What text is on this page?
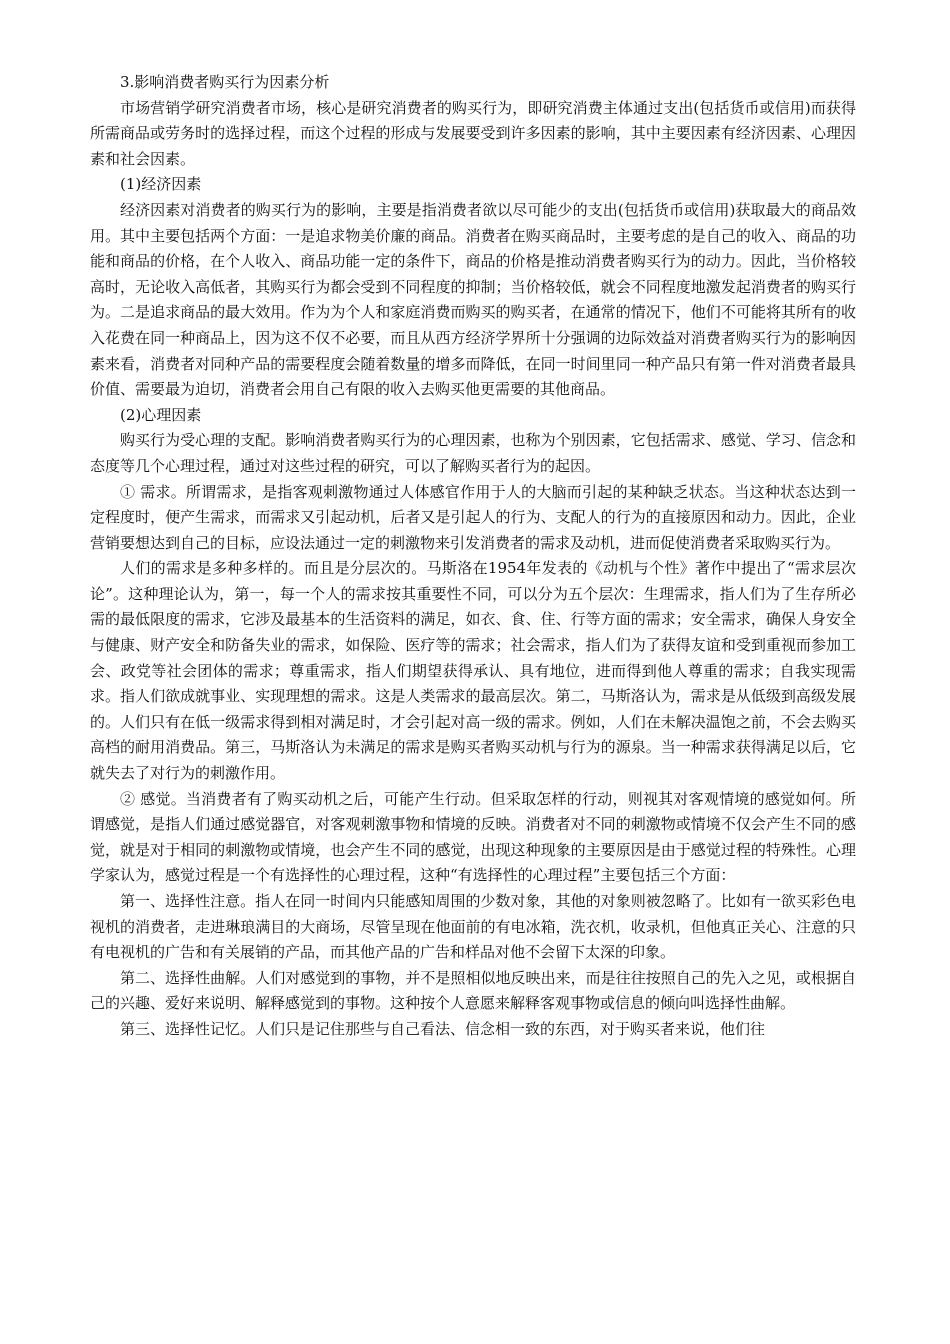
3.影响消费者购买行为因素分析

市场营销学研究消费者市场，核心是研究消费者的购买行为，即研究消费主体通过支出(包括货币或信用)而获得所需商品或劳务时的选择过程，而这个过程的形成与发展要受到许多因素的影响，其中主要因素有经济因素、心理因素和社会因素。

(1)经济因素

经济因素对消费者的购买行为的影响，主要是指消费者欲以尽可能少的支出(包括货币或信用)获取最大的商品效用。其中主要包括两个方面：一是追求物美价廉的商品。消费者在购买商品时，主要考虑的是自己的收入、商品的功能和商品的价格，在个人收入、商品功能一定的条件下，商品的价格是推动消费者购买行为的动力。因此，当价格较高时，无论收入高低者，其购买行为都会受到不同程度的抑制；当价格较低，就会不同程度地激发起消费者的购买行为。二是追求商品的最大效用。作为为个人和家庭消费而购买的购买者，在通常的情况下，他们不可能将其所有的收入花费在同一种商品上，因为这不仅不必要，而且从西方经济学界所十分强调的边际效益对消费者购买行为的影响因素来看，消费者对同种产品的需要程度会随着数量的增多而降低，在同一时间里同一种产品只有第一件对消费者最具价值、需要最为迫切，消费者会用自己有限的收入去购买他更需要的其他商品。

(2)心理因素

购买行为受心理的支配。影响消费者购买行为的心理因素，也称为个别因素，它包括需求、感觉、学习、信念和态度等几个心理过程，通过对这些过程的研究，可以了解购买者行为的起因。

① 需求。所谓需求，是指客观刺激物通过人体感官作用于人的大脑而引起的某种缺乏状态。当这种状态达到一定程度时，便产生需求，而需求又引起动机，后者又是引起人的行为、支配人的行为的直接原因和动力。因此，企业营销要想达到自己的目标，应设法通过一定的刺激物来引发消费者的需求及动机，进而促使消费者采取购买行为。

人们的需求是多种多样的。而且是分层次的。马斯洛在1954年发表的《动机与个性》著作中提出了“需求层次论”。这种理论认为，第一，每一个人的需求按其重要性不同，可以分为五个层次：生理需求，指人们为了生存所必需的最低限度的需求，它涉及最基本的生活资料的满足，如衣、食、住、行等方面的需求；安全需求，确保人身安全与健康、财产安全和防备失业的需求，如保险、医疗等的需求；社会需求，指人们为了获得友谊和受到重视而参加工会、政党等社会团体的需求；尊重需求，指人们期望获得承认、具有地位，进而得到他人尊重的需求；自我实现需求。指人们欲成就事业、实现理想的需求。这是人类需求的最高层次。第二，马斯洛认为，需求是从低级到高级发展的。人们只有在低一级需求得到相对满足时，才会引起对高一级的需求。例如，人们在未解决温饱之前，不会去购买高档的耐用消费品。第三，马斯洛认为未满足的需求是购买者购买动机与行为的源泉。当一种需求获得满足以后，它就失去了对行为的刺激作用。

② 感觉。当消费者有了购买动机之后，可能产生行动。但采取怎样的行动，则视其对客观情境的感觉如何。所谓感觉，是指人们通过感觉器官，对客观刺激事物和情境的反映。消费者对不同的刺激物或情境不仅会产生不同的感觉，就是对于相同的刺激物或情境，也会产生不同的感觉，出现这种现象的主要原因是由于感觉过程的特殊性。心理学家认为，感觉过程是一个有选择性的心理过程，这种“有选择性的心理过程”主要包括三个方面：

第一、选择性注意。指人在同一时间内只能感知周围的少数对象，其他的对象则被忽略了。比如有一欲买彩色电视机的消费者，走进琳琅满目的大商场，尽管呈现在他面前的有电冰箱，洗衣机，收录机，但他真正关心、注意的只有电视机的广告和有关展销的产品，而其他产品的广告和样品对他不会留下太深的印象。

第二、选择性曲解。人们对感觉到的事物，并不是照相似地反映出来，而是往往按照自己的先入之见，或根据自己的兴趣、爱好来说明、解释感觉到的事物。这种按个人意愿来解释客观事物或信息的倾向叫选择性曲解。

第三、选择性记忆。人们只是记住那些与自己看法、信念相一致的东西，对于购买者来说，他们往
